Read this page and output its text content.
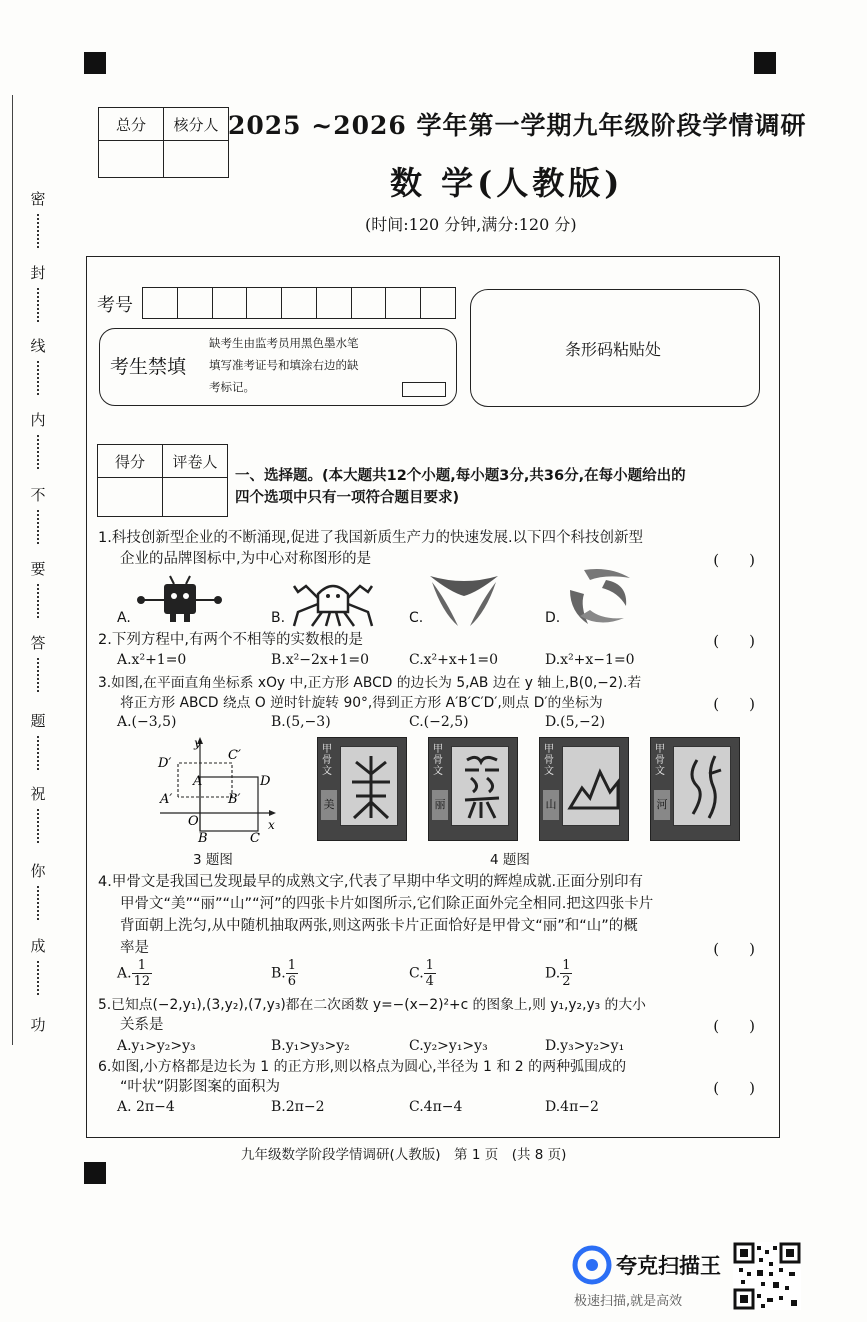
密
封
线
内
不
要
答
题
祝
你
成
功
总分	核分人
	2025 ~2026 学年第一学期九年级阶段学情调研
数 学(人教版)
(时间:120 分钟,满分:120 分)
考号
考生禁填
缺考生由监考员用黑色墨水笔
填写准考证号和填涂右边的缺
考标记。
条形码粘贴处
得分	评卷人

一、选择题。(本大题共12个小题,每小题3分,共36分,在每小题给出的
四个选项中只有一项符合题目要求)
1.科技创新型企业的不断涌现,促进了我国新质生产力的快速发展.以下四个科技创新型
企业的品牌图标中,为中心对称图形的是	(　　)
A.	B.	C.	D.
2.下列方程中,有两个不相等的实数根的是	(　　)
A.x²+1=0	B.x²−2x+1=0	C.x²+x+1=0	D.x²+x−1=0
3.如图,在平面直角坐标系 xOy 中,正方形 ABCD 的边长为 5,AB 边在 y 轴上,B(0,−2).若
将正方形 ABCD 绕点 O 逆时针旋转 90°,得到正方形 A′B′C′D′,则点 D′的坐标为	(　　)
A.(−3,5)	B.(5,−3)	C.(−2,5)	D.(5,−2)
y
D′
C′
A	D
A′	B′
O	x
B	C
3 题图
甲骨文
美
甲骨文
丽
甲骨文
山
甲骨文
河
4 题图
4.甲骨文是我国已发现最早的成熟文字,代表了早期中华文明的辉煌成就.正面分别印有
甲骨文“美”“丽”“山”“河”的四张卡片如图所示,它们除正面外完全相同.把这四张卡片
背面朝上洗匀,从中随机抽取两张,则这两张卡片正面恰好是甲骨文“丽”和“山”的概
率是	(　　)
A. $\frac{1}{12}$	B. $\frac{1}{6}$	C. $\frac{1}{4}$	D. $\frac{1}{2}$
5.已知点(−2,y₁),(3,y₂),(7,y₃)都在二次函数 y=−(x−2)²+c 的图象上,则 y₁,y₂,y₃ 的大小
关系是	(　　)
A.y₁>y₂>y₃	B.y₁>y₃>y₂	C.y₂>y₁>y₃	D.y₃>y₂>y₁
6.如图,小方格都是边长为 1 的正方形,则以格点为圆心,半径为 1 和 2 的两种弧围成的
“叶状”阴影图案的面积为	(　　)
A. 2π−4	B.2π−2	C.4π−4	D.4π−2
九年级数学阶段学情调研(人教版)　第 1 页　(共 8 页)
夸克扫描王
极速扫描,就是高效
